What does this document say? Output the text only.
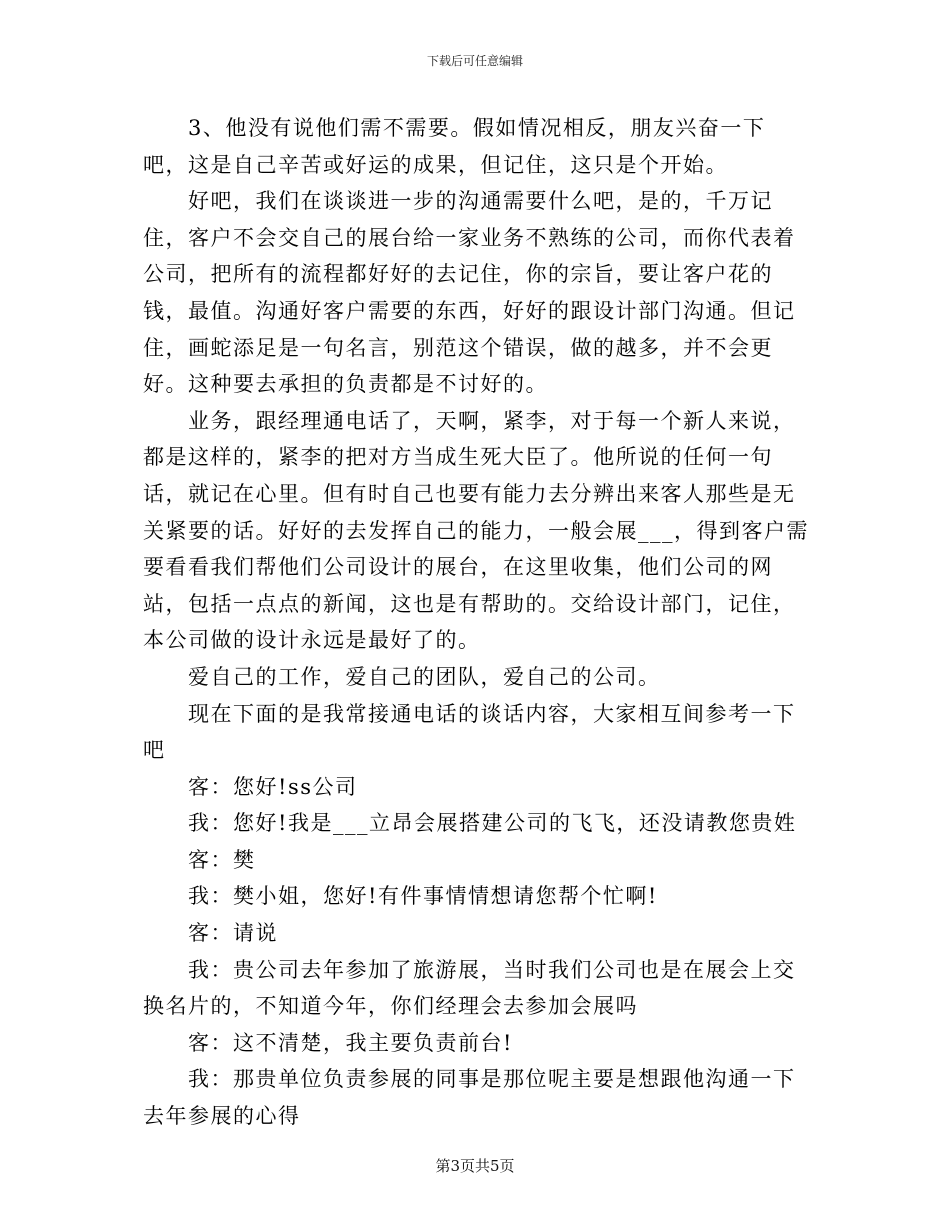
下载后可任意编辑

3、他没有说他们需不需要。假如情况相反，朋友兴奋一下吧，这是自己辛苦或好运的成果，但记住，这只是个开始。

好吧，我们在谈谈进一步的沟通需要什么吧，是的，千万记住，客户不会交自己的展台给一家业务不熟练的公司，而你代表着公司，把所有的流程都好好的去记住，你的宗旨，要让客户花的钱，最值。沟通好客户需要的东西，好好的跟设计部门沟通。但记住，画蛇添足是一句名言，别范这个错误，做的越多，并不会更好。这种要去承担的负责都是不讨好的。

业务，跟经理通电话了，天啊，紧李，对于每一个新人来说，都是这样的，紧李的把对方当成生死大臣了。他所说的任何一句话，就记在心里。但有时自己也要有能力去分辨出来客人那些是无关紧要的话。好好的去发挥自己的能力，一般会展___，得到客户需要看看我们帮他们公司设计的展台，在这里收集，他们公司的网站，包括一点点的新闻，这也是有帮助的。交给设计部门，记住，本公司做的设计永远是最好了的。

爱自己的工作，爱自己的团队，爱自己的公司。

现在下面的是我常接通电话的谈话内容，大家相互间参考一下吧

客：您好!ss公司

我：您好!我是___立昂会展搭建公司的飞飞，还没请教您贵姓

客：樊

我：樊小姐，您好!有件事情情想请您帮个忙啊!

客：请说

我：贵公司去年参加了旅游展，当时我们公司也是在展会上交换名片的，不知道今年，你们经理会去参加会展吗

客：这不清楚，我主要负责前台!

我：那贵单位负责参展的同事是那位呢主要是想跟他沟通一下去年参展的心得

第3页共5页
